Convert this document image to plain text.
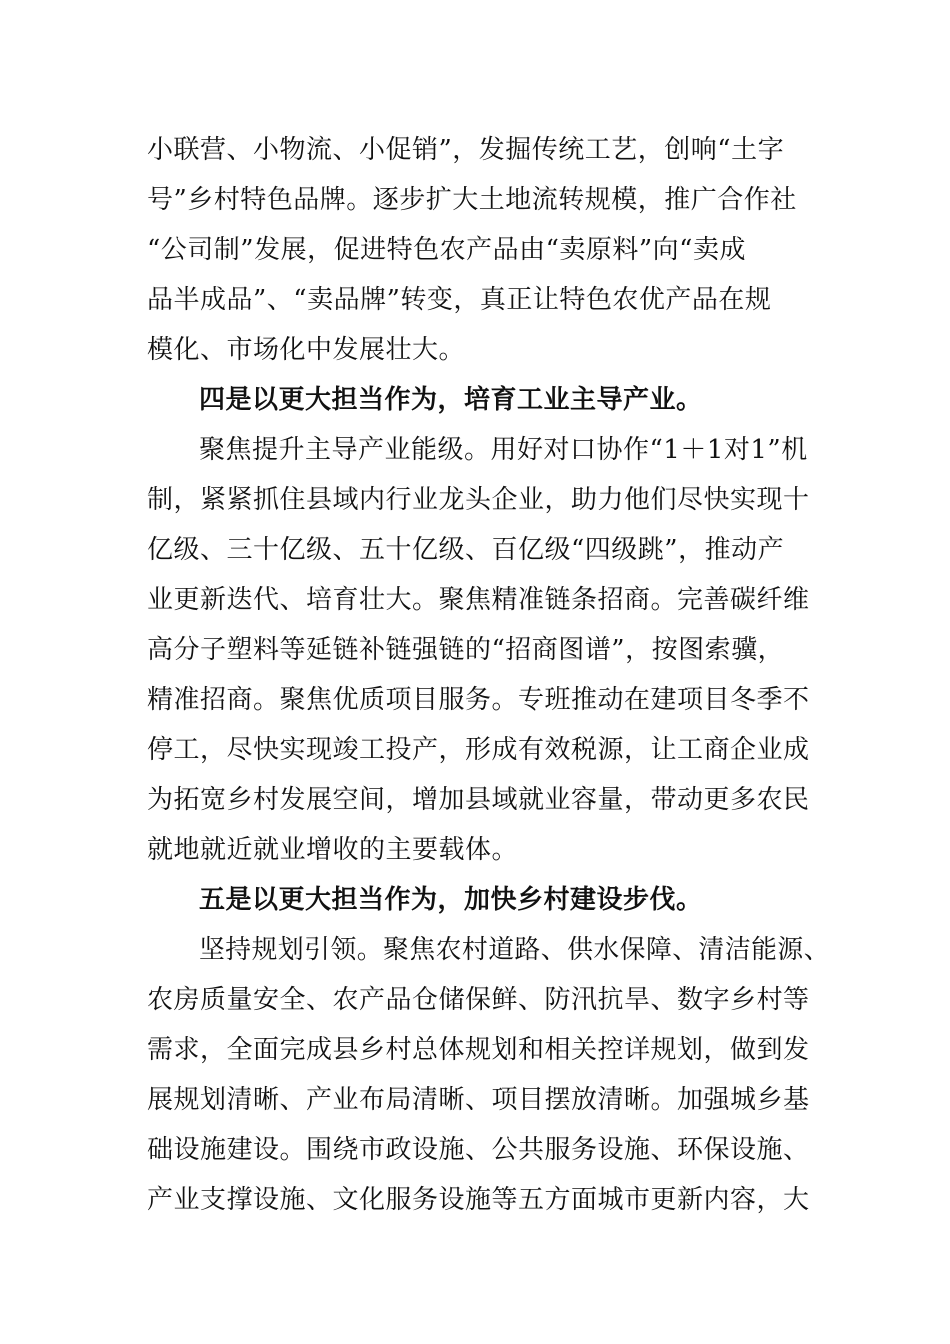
小联营、小物流、小促销”，发掘传统工艺，创响“土字
号”乡村特色品牌。逐步扩大土地流转规模，推广合作社
“公司制”发展，促进特色农产品由“卖原料”向“卖成
品半成品”、“卖品牌”转变，真正让特色农优产品在规
模化、市场化中发展壮大。
四是以更大担当作为，培育工业主导产业。
聚焦提升主导产业能级。用好对口协作“1＋1对1”机
制，紧紧抓住县域内行业龙头企业，助力他们尽快实现十
亿级、三十亿级、五十亿级、百亿级“四级跳”，推动产
业更新迭代、培育壮大。聚焦精准链条招商。完善碳纤维
高分子塑料等延链补链强链的“招商图谱”，按图索骥，
精准招商。聚焦优质项目服务。专班推动在建项目冬季不
停工，尽快实现竣工投产，形成有效税源，让工商企业成
为拓宽乡村发展空间，增加县域就业容量，带动更多农民
就地就近就业增收的主要载体。
五是以更大担当作为，加快乡村建设步伐。
坚持规划引领。聚焦农村道路、供水保障、清洁能源、
农房质量安全、农产品仓储保鲜、防汛抗旱、数字乡村等
需求，全面完成县乡村总体规划和相关控详规划，做到发
展规划清晰、产业布局清晰、项目摆放清晰。加强城乡基
础设施建设。围绕市政设施、公共服务设施、环保设施、
产业支撑设施、文化服务设施等五方面城市更新内容，大
